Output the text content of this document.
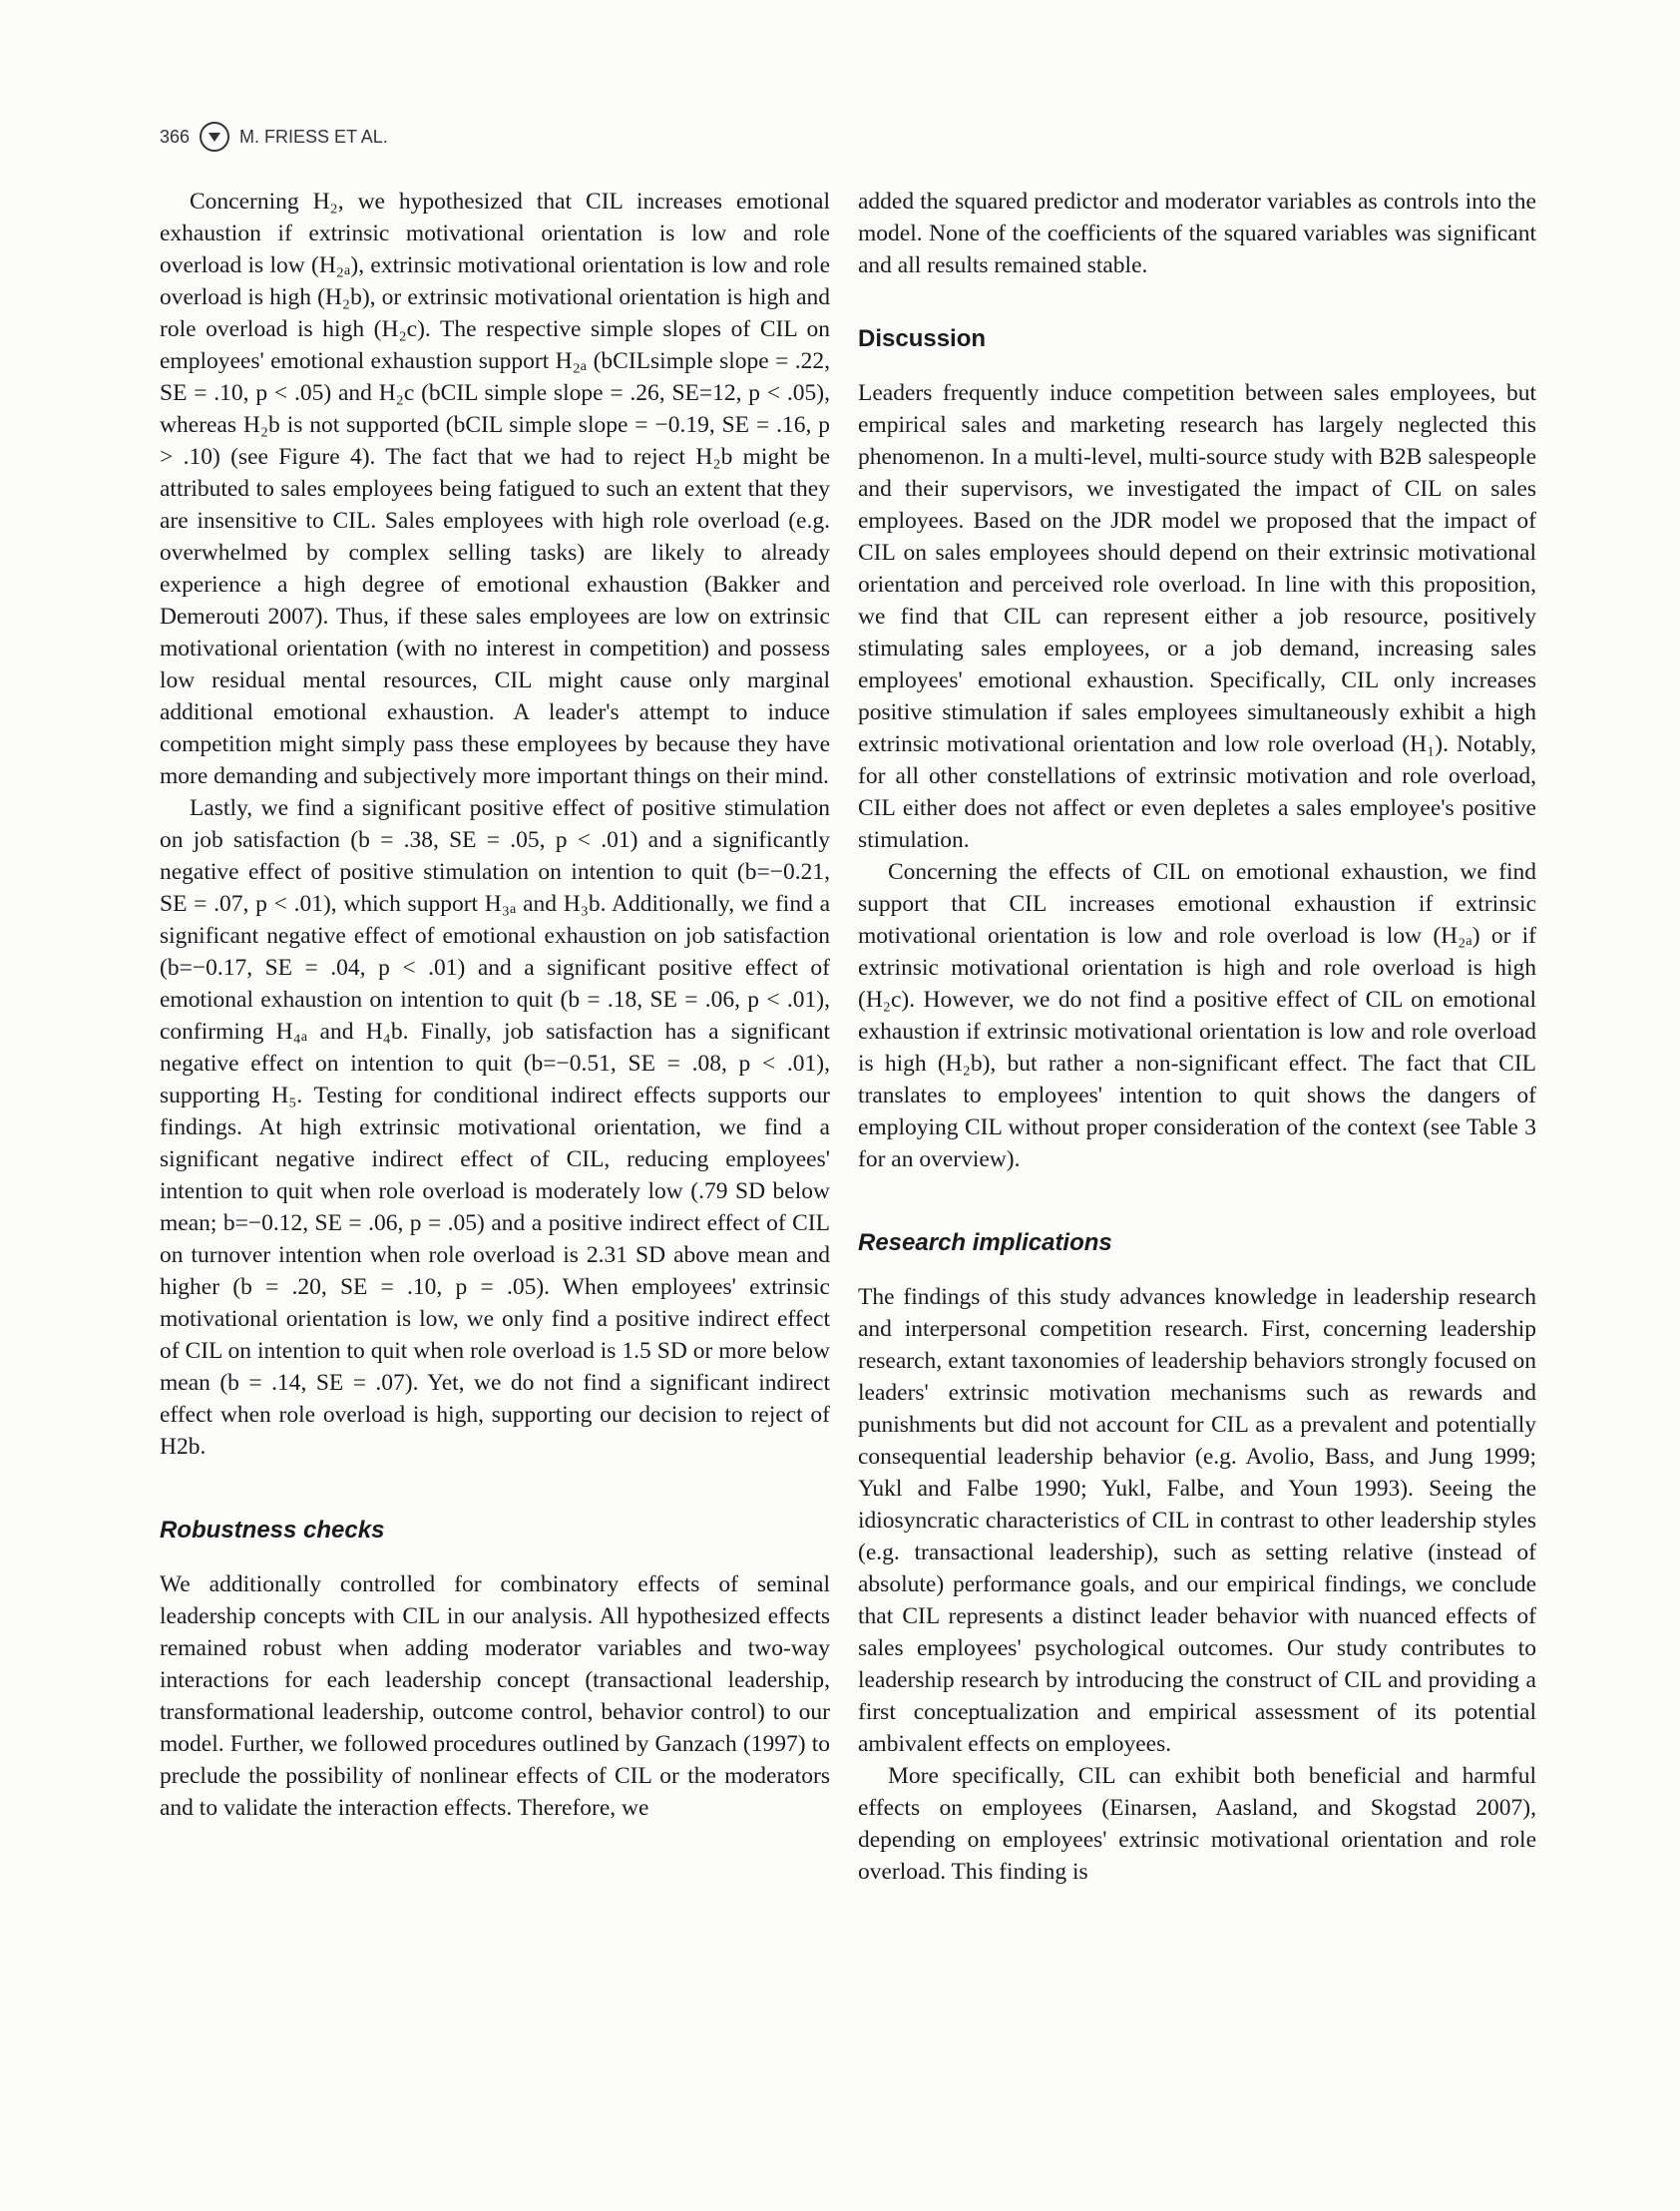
366	M. FRIESS ET AL.

Concerning H₂, we hypothesized that CIL increases emotional exhaustion if extrinsic motivational orientation is low and role overload is low (H₂ₐ), extrinsic motivational orientation is low and role overload is high (H₂b), or extrinsic motivational orientation is high and role overload is high (H₂c). The respective simple slopes of CIL on employees' emotional exhaustion support H₂ₐ (bCILsimple slope = .22, SE = .10, p < .05) and H₂c (bCIL simple slope = .26, SE=12, p < .05), whereas H₂b is not supported (bCIL simple slope = −0.19, SE = .16, p > .10) (see Figure 4). The fact that we had to reject H₂b might be attributed to sales employees being fatigued to such an extent that they are insensitive to CIL. Sales employees with high role overload (e.g. overwhelmed by complex selling tasks) are likely to already experience a high degree of emotional exhaustion (Bakker and Demerouti 2007). Thus, if these sales employees are low on extrinsic motivational orientation (with no interest in competition) and possess low residual mental resources, CIL might cause only marginal additional emotional exhaustion. A leader's attempt to induce competition might simply pass these employees by because they have more demanding and subjectively more important things on their mind.

Lastly, we find a significant positive effect of positive stimulation on job satisfaction (b = .38, SE = .05, p < .01) and a significantly negative effect of positive stimulation on intention to quit (b=−0.21, SE = .07, p < .01), which support H₃ₐ and H₃b. Additionally, we find a significant negative effect of emotional exhaustion on job satisfaction (b=−0.17, SE = .04, p < .01) and a significant positive effect of emotional exhaustion on intention to quit (b = .18, SE = .06, p < .01), confirming H₄ₐ and H₄b. Finally, job satisfaction has a significant negative effect on intention to quit (b=−0.51, SE = .08, p < .01), supporting H₅. Testing for conditional indirect effects supports our findings. At high extrinsic motivational orientation, we find a significant negative indirect effect of CIL, reducing employees' intention to quit when role overload is moderately low (.79 SD below mean; b=−0.12, SE = .06, p = .05) and a positive indirect effect of CIL on turnover intention when role overload is 2.31 SD above mean and higher (b = .20, SE = .10, p = .05). When employees' extrinsic motivational orientation is low, we only find a positive indirect effect of CIL on intention to quit when role overload is 1.5 SD or more below mean (b = .14, SE = .07). Yet, we do not find a significant indirect effect when role overload is high, supporting our decision to reject of H2b.

Robustness checks

We additionally controlled for combinatory effects of seminal leadership concepts with CIL in our analysis. All hypothesized effects remained robust when adding moderator variables and two-way interactions for each leadership concept (transactional leadership, transformational leadership, outcome control, behavior control) to our model. Further, we followed procedures outlined by Ganzach (1997) to preclude the possibility of nonlinear effects of CIL or the moderators and to validate the interaction effects. Therefore, we

added the squared predictor and moderator variables as controls into the model. None of the coefficients of the squared variables was significant and all results remained stable.

Discussion

Leaders frequently induce competition between sales employees, but empirical sales and marketing research has largely neglected this phenomenon. In a multi-level, multi-source study with B2B salespeople and their supervisors, we investigated the impact of CIL on sales employees. Based on the JDR model we proposed that the impact of CIL on sales employees should depend on their extrinsic motivational orientation and perceived role overload. In line with this proposition, we find that CIL can represent either a job resource, positively stimulating sales employees, or a job demand, increasing sales employees' emotional exhaustion. Specifically, CIL only increases positive stimulation if sales employees simultaneously exhibit a high extrinsic motivational orientation and low role overload (H₁). Notably, for all other constellations of extrinsic motivation and role overload, CIL either does not affect or even depletes a sales employee's positive stimulation.

Concerning the effects of CIL on emotional exhaustion, we find support that CIL increases emotional exhaustion if extrinsic motivational orientation is low and role overload is low (H₂ₐ) or if extrinsic motivational orientation is high and role overload is high (H₂c). However, we do not find a positive effect of CIL on emotional exhaustion if extrinsic motivational orientation is low and role overload is high (H₂b), but rather a non-significant effect. The fact that CIL translates to employees' intention to quit shows the dangers of employing CIL without proper consideration of the context (see Table 3 for an overview).

Research implications

The findings of this study advances knowledge in leadership research and interpersonal competition research. First, concerning leadership research, extant taxonomies of leadership behaviors strongly focused on leaders' extrinsic motivation mechanisms such as rewards and punishments but did not account for CIL as a prevalent and potentially consequential leadership behavior (e.g. Avolio, Bass, and Jung 1999; Yukl and Falbe 1990; Yukl, Falbe, and Youn 1993). Seeing the idiosyncratic characteristics of CIL in contrast to other leadership styles (e.g. transactional leadership), such as setting relative (instead of absolute) performance goals, and our empirical findings, we conclude that CIL represents a distinct leader behavior with nuanced effects of sales employees' psychological outcomes. Our study contributes to leadership research by introducing the construct of CIL and providing a first conceptualization and empirical assessment of its potential ambivalent effects on employees.

More specifically, CIL can exhibit both beneficial and harmful effects on employees (Einarsen, Aasland, and Skogstad 2007), depending on employees' extrinsic motivational orientation and role overload. This finding is
